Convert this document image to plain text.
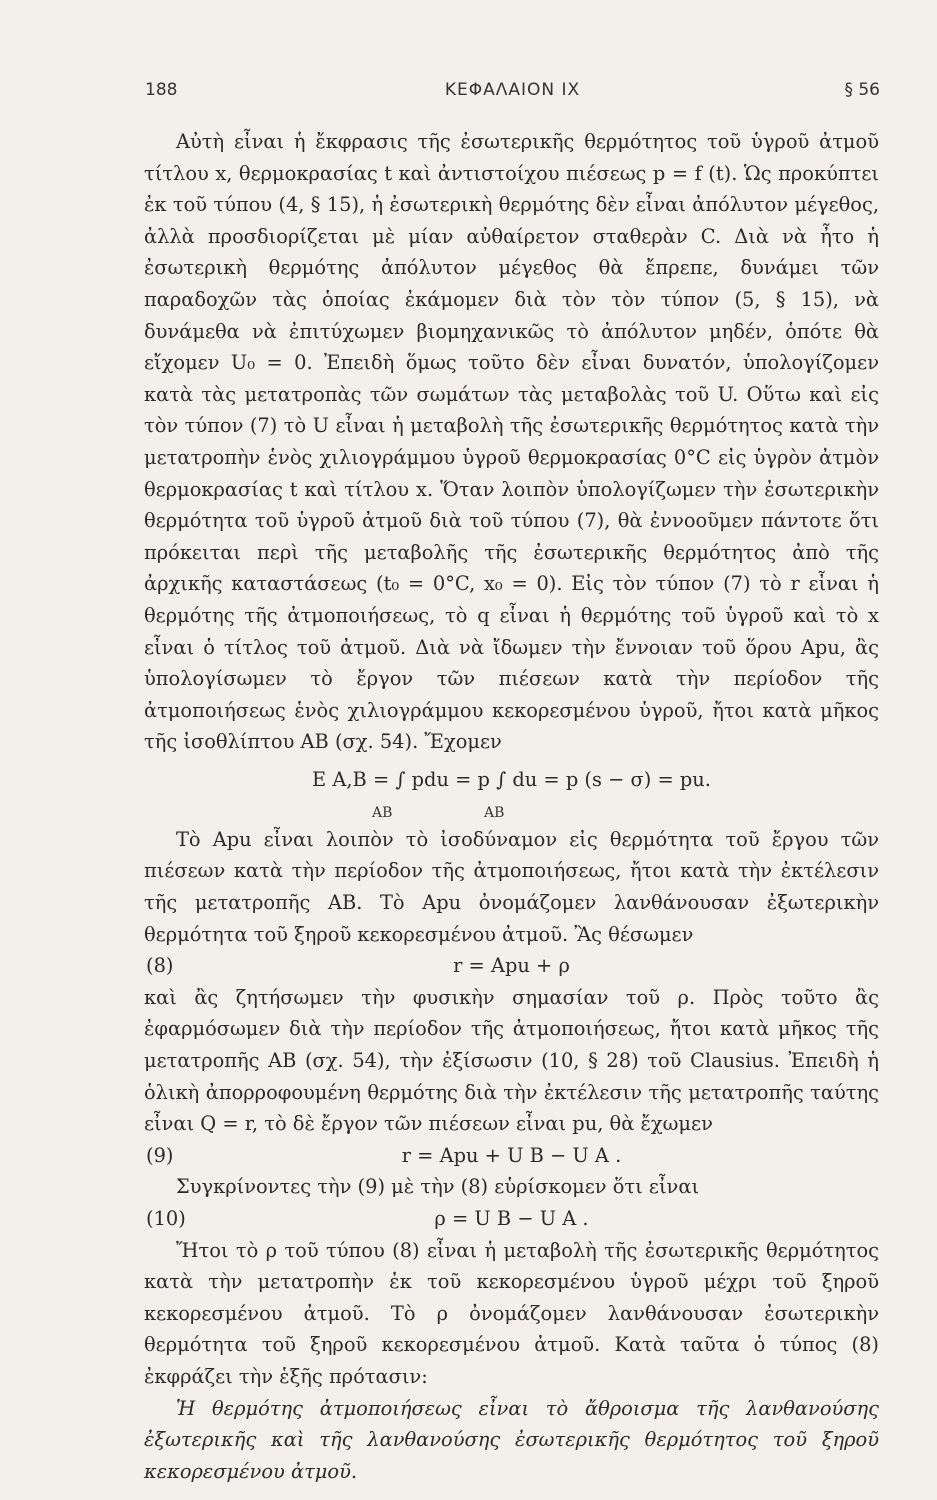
188	ΚΕΦΑΛΑΙΟΝ IX	§ 56

Αὐτὴ εἶναι ἡ ἔκφρασις τῆς ἐσωτερικῆς θερμότητος τοῦ ὑγροῦ ἀτμοῦ τίτλου x, θερμοκρασίας t καὶ ἀντιστοίχου πιέσεως p = f (t). Ὡς προκύπτει ἐκ τοῦ τύπου (4, § 15), ἡ ἐσωτερικὴ θερμότης δὲν εἶναι ἀπόλυτον μέγεθος, ἀλλὰ προσδιορίζεται μὲ μίαν αὐθαίρετον σταθερὰν C. Διὰ νὰ ἦτο ἡ ἐσωτερικὴ θερμότης ἀπόλυτον μέγεθος θὰ ἔπρεπε, δυνάμει τῶν παραδοχῶν τὰς ὁποίας ἐκάμομεν διὰ τὸν τὸν τύπον (5, § 15), νὰ δυνάμεθα νὰ ἐπιτύχωμεν βιομηχανικῶς τὸ ἀπόλυτον μηδέν, ὁπότε θὰ εἴχομεν U₀ = 0. Ἐπειδὴ ὅμως τοῦτο δὲν εἶναι δυνατόν, ὑπολογίζομεν κατὰ τὰς μετατροπὰς τῶν σωμάτων τὰς μεταβολὰς τοῦ U. Οὕτω καὶ εἰς τὸν τύπον (7) τὸ U εἶναι ἡ μεταβολὴ τῆς ἐσωτερικῆς θερμότητος κατὰ τὴν μετατροπὴν ἑνὸς χιλιογράμμου ὑγροῦ θερμοκρασίας 0°C εἰς ὑγρὸν ἀτμὸν θερμοκρασίας t καὶ τίτλου x. Ὅταν λοιπὸν ὑπολογίζωμεν τὴν ἐσωτερικὴν θερμότητα τοῦ ὑγροῦ ἀτμοῦ διὰ τοῦ τύπου (7), θὰ ἐννοοῦμεν πάντοτε ὅτι πρόκειται περὶ τῆς μεταβολῆς τῆς ἐσωτερικῆς θερμότητος ἀπὸ τῆς ἀρχικῆς καταστάσεως (t₀ = 0°C, x₀ = 0). Εἰς τὸν τύπον (7) τὸ r εἶναι ἡ θερμότης τῆς ἀτμοποιήσεως, τὸ q εἶναι ἡ θερμότης τοῦ ὑγροῦ καὶ τὸ x εἶναι ὁ τίτλος τοῦ ἀτμοῦ. Διὰ νὰ ἴδωμεν τὴν ἔννοιαν τοῦ ὅρου Apu, ἂς ὑπολογίσωμεν τὸ ἔργον τῶν πιέσεων κατὰ τὴν περίοδον τῆς ἀτμοποιήσεως ἑνὸς χιλιογράμμου κεκορεσμένου ὑγροῦ, ἤτοι κατὰ μῆκος τῆς ἰσοθλίπτου AB (σχ. 54). Ἔχομεν

E A,B = ∫ pdu = p ∫ du = p (s − σ) = pu.
AB	AB

Τὸ Apu εἶναι λοιπὸν τὸ ἰσοδύναμον εἰς θερμότητα τοῦ ἔργου τῶν πιέσεων κατὰ τὴν περίοδον τῆς ἀτμοποιήσεως, ἤτοι κατὰ τὴν ἐκτέλεσιν τῆς μετατροπῆς AB. Τὸ Apu ὀνομάζομεν λανθάνουσαν ἐξωτερικὴν θερμότητα τοῦ ξηροῦ κεκορεσμένου ἀτμοῦ. Ἂς θέσωμεν

(8)	r = Apu + ρ

καὶ ἂς ζητήσωμεν τὴν φυσικὴν σημασίαν τοῦ ρ. Πρὸς τοῦτο ἂς ἐφαρμόσωμεν διὰ τὴν περίοδον τῆς ἀτμοποιήσεως, ἤτοι κατὰ μῆκος τῆς μετατροπῆς AB (σχ. 54), τὴν ἐξίσωσιν (10, § 28) τοῦ Clausius. Ἐπειδὴ ἡ ὁλικὴ ἀπορροφουμένη θερμότης διὰ τὴν ἐκτέλεσιν τῆς μετατροπῆς ταύτης εἶναι Q = r, τὸ δὲ ἔργον τῶν πιέσεων εἶναι pu, θὰ ἔχωμεν

(9)	r = Apu + U B − U A .

Συγκρίνοντες τὴν (9) μὲ τὴν (8) εὑρίσκομεν ὅτι εἶναι

(10)	ρ = U B − U A .

Ἤτοι τὸ ρ τοῦ τύπου (8) εἶναι ἡ μεταβολὴ τῆς ἐσωτερικῆς θερμότητος κατὰ τὴν μετατροπὴν ἐκ τοῦ κεκορεσμένου ὑγροῦ μέχρι τοῦ ξηροῦ κεκορεσμένου ἀτμοῦ. Τὸ ρ ὀνομάζομεν λανθάνουσαν ἐσωτερικὴν θερμότητα τοῦ ξηροῦ κεκορεσμένου ἀτμοῦ. Κατὰ ταῦτα ὁ τύπος (8) ἐκφράζει τὴν ἑξῆς πρότασιν:

Ἡ θερμότης ἀτμοποιήσεως εἶναι τὸ ἄθροισμα τῆς λανθανούσης ἐξωτερικῆς καὶ τῆς λανθανούσης ἐσωτερικῆς θερμότητος τοῦ ξηροῦ κεκορεσμένου ἀτμοῦ.
